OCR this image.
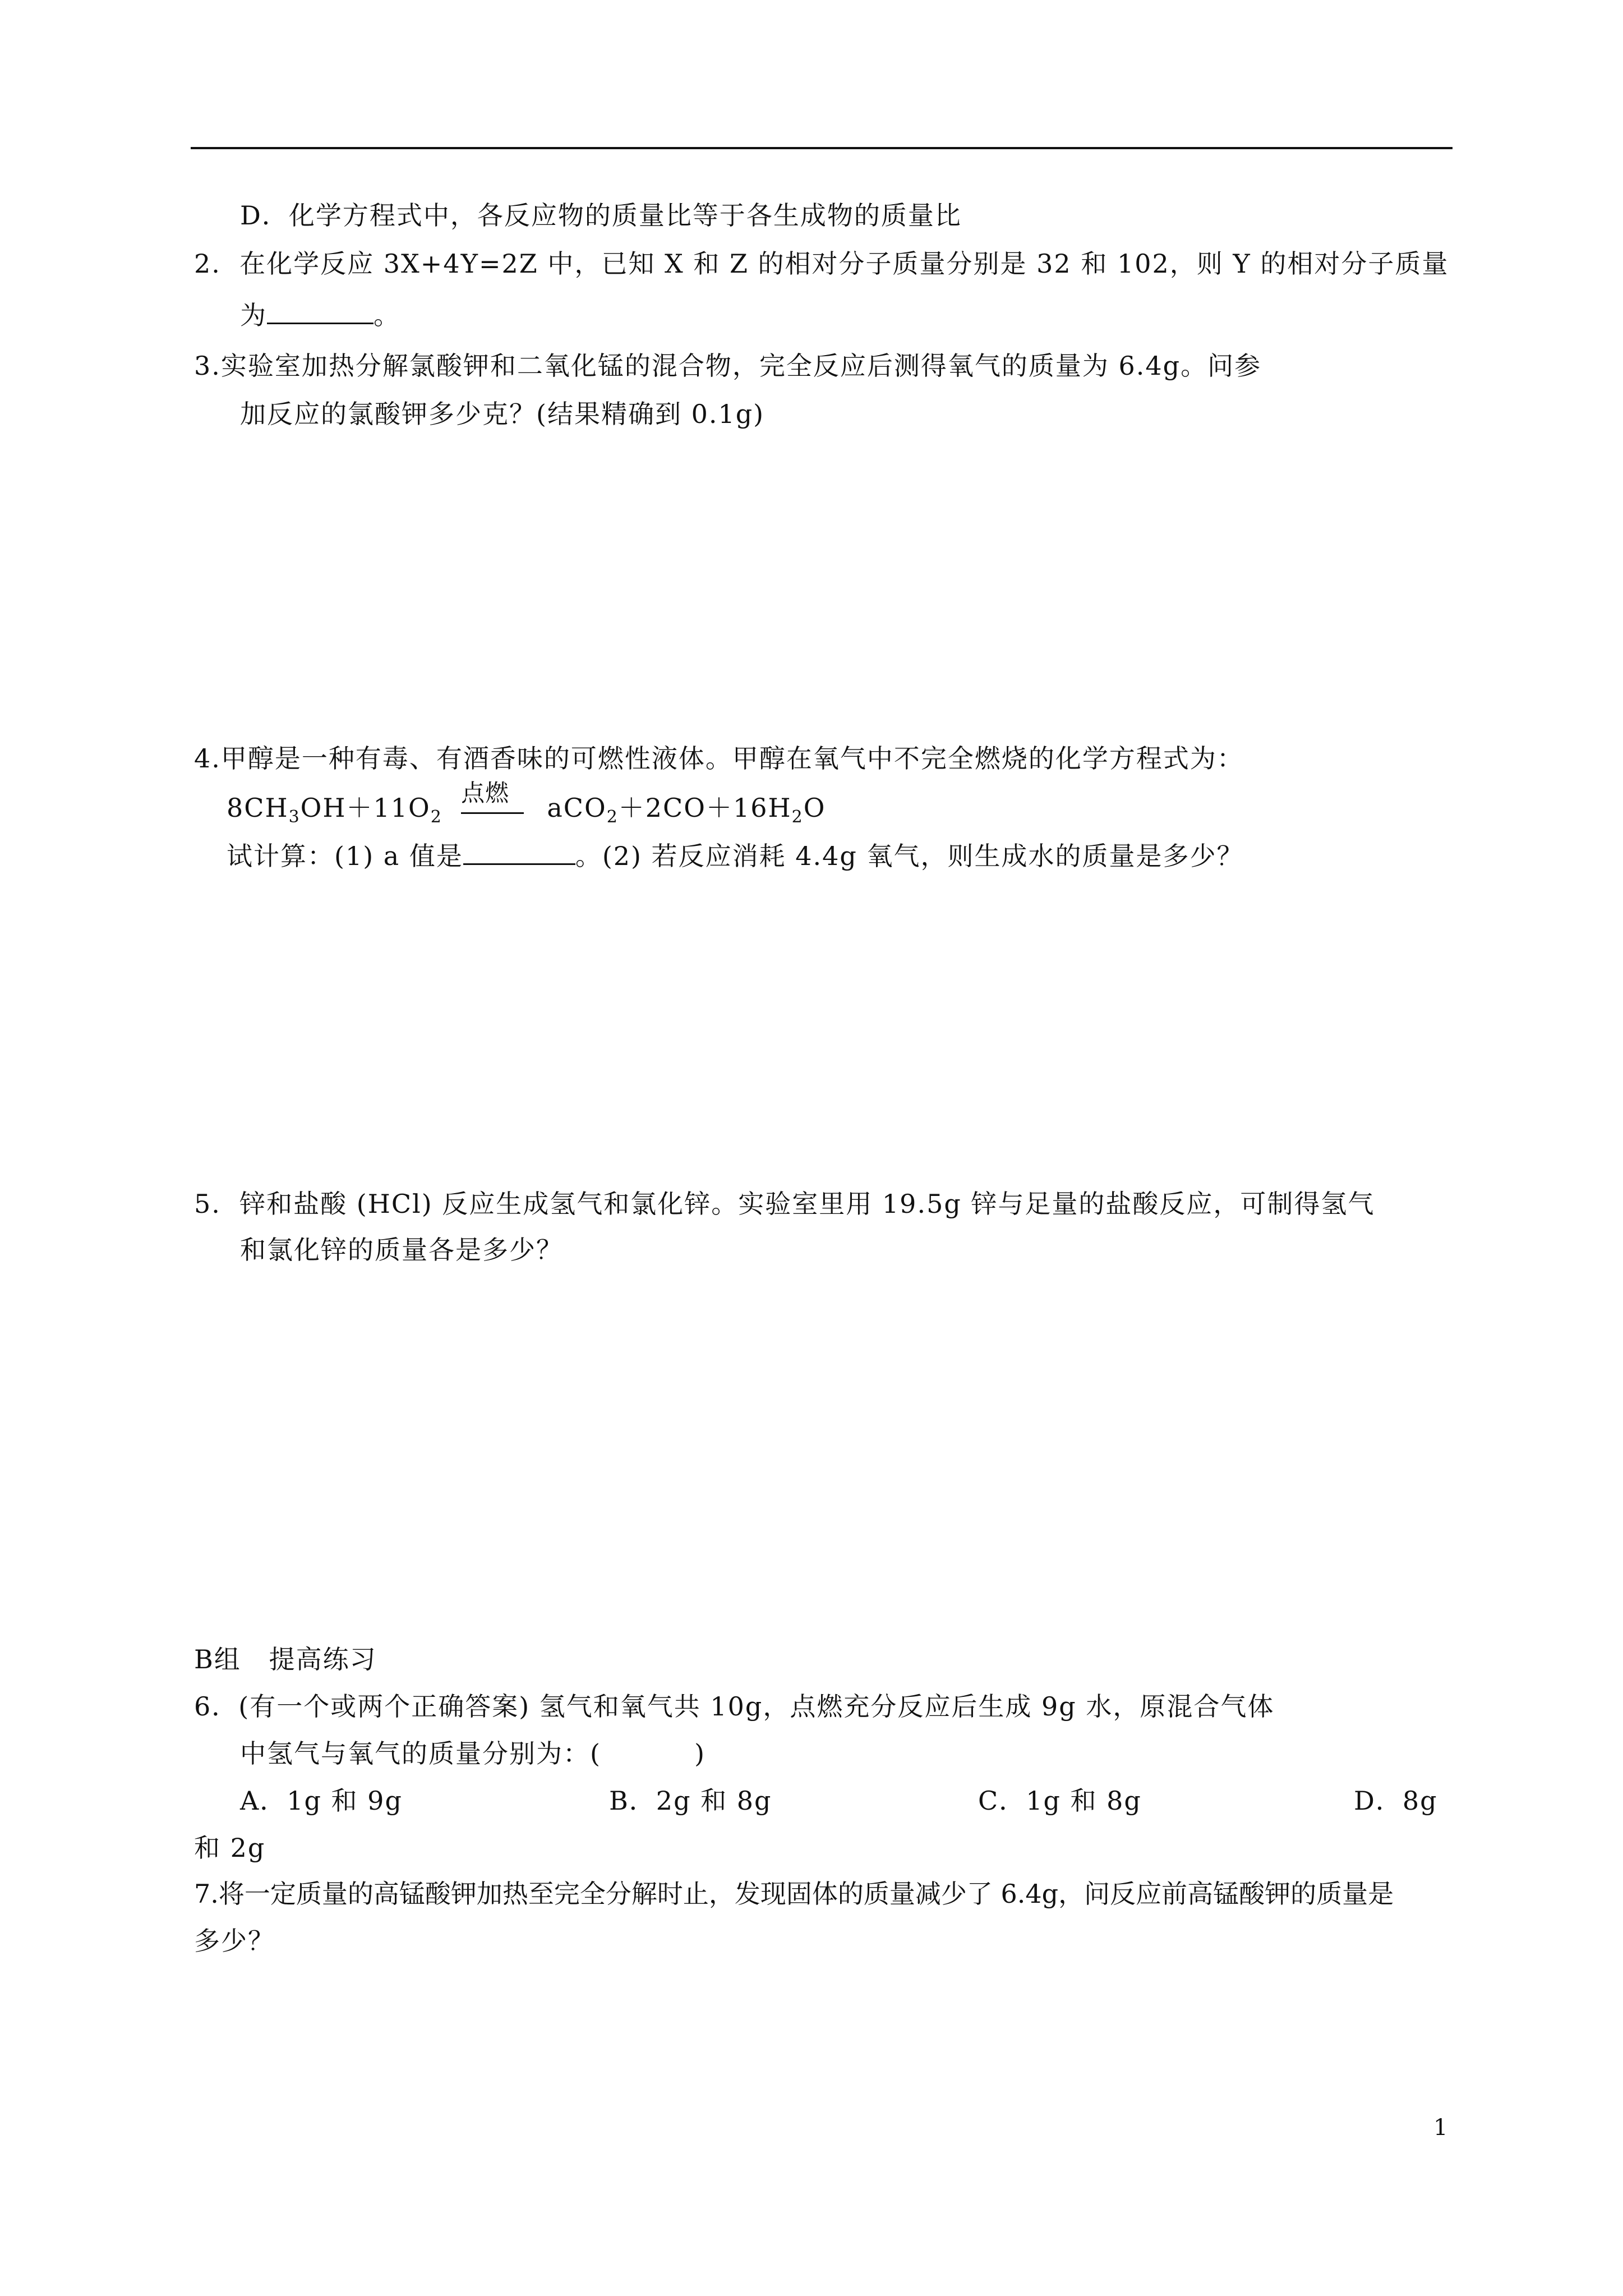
D．化学方程式中，各反应物的质量比等于各生成物的质量比
2.  在化学反应 3X+4Y=2Z 中，已知 X 和 Z 的相对分子质量分别是 32 和 102，则 Y 的相对分子质量
为	。
3.实验室加热分解氯酸钾和二氧化锰的混合物，完全反应后测得氧气的质量为 6.4g。问参
加反应的氯酸钾多少克？(结果精确到 0.1g)
4.甲醇是一种有毒、有酒香味的可燃性液体。甲醇在氧气中不完全燃烧的化学方程式为：
$8CH_3OH+11O_2$
点燃 $aCO_2+2CO+16H_2O$
试计算：(1) a 值是	。(2) 若反应消耗 4.4g 氧气，则生成水的质量是多少？
5.  锌和盐酸 (HCl) 反应生成氢气和氯化锌。实验室里用 19.5g 锌与足量的盐酸反应，可制得氢气
和氯化锌的质量各是多少？
B组   提高练习
6．(有一个或两个正确答案) 氢气和氧气共 10g，点燃充分反应后生成 9g 水，原混合气体
中氢气与氧气的质量分别为：(          )
A．1g 和 9g	B．2g 和 8g	C．1g 和 8g	D．8g
和 2g
7.将一定质量的高锰酸钾加热至完全分解时止，发现固体的质量减少了 6.4g，问反应前高锰酸钾的质量是
多少？
1
